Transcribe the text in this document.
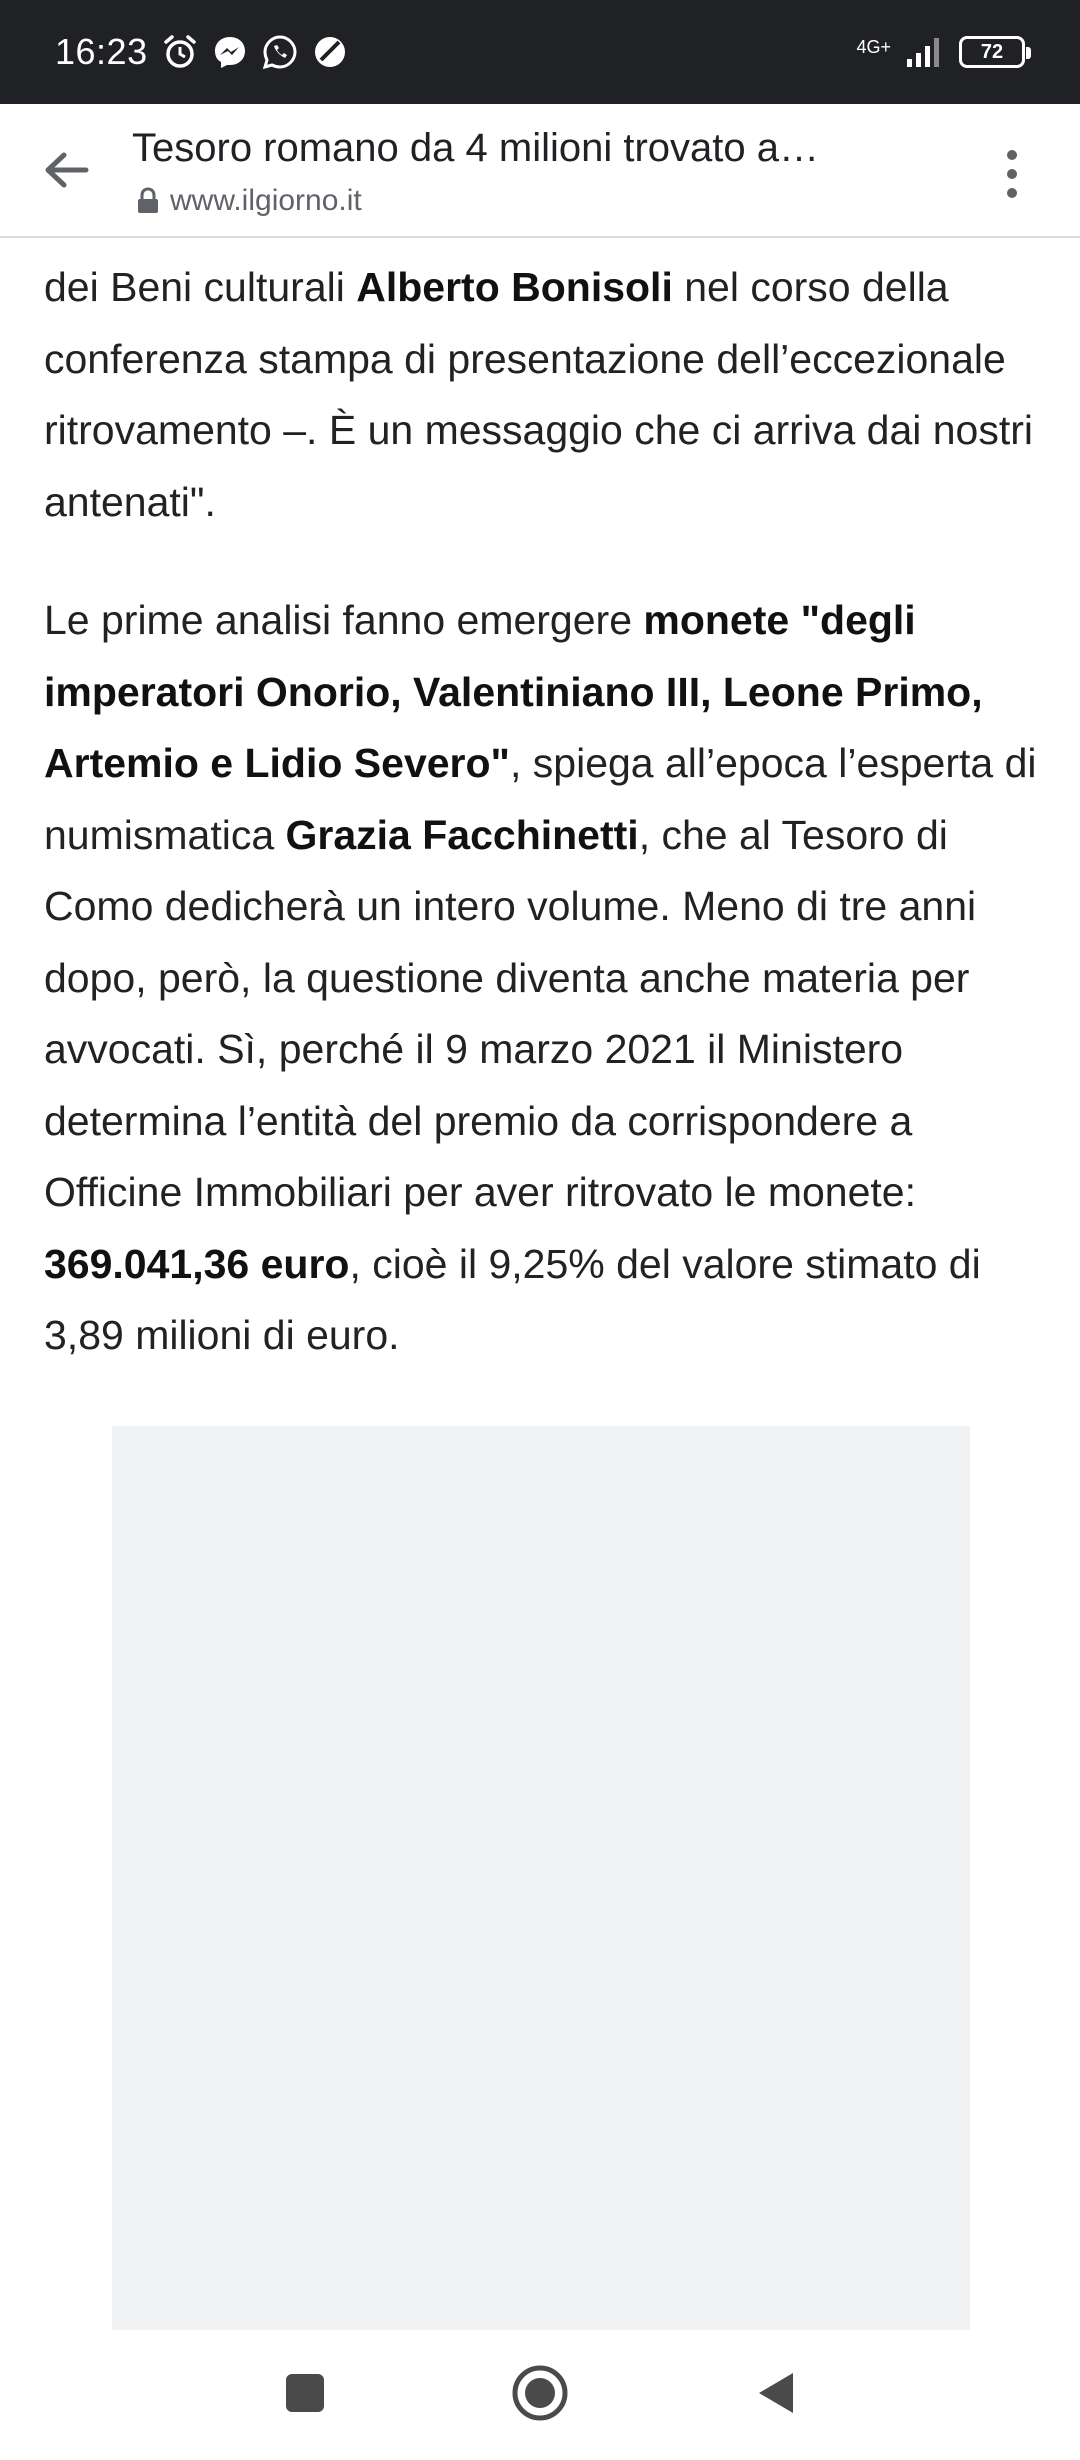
16:23	4G+	72
Tesoro romano da 4 milioni trovato a…
www.ilgiorno.it

dei Beni culturali Alberto Bonisoli nel corso della conferenza stampa di presentazione dell’eccezionale ritrovamento –. È un messaggio che ci arriva dai nostri antenati".

Le prime analisi fanno emergere monete "degli imperatori Onorio, Valentiniano III, Leone Primo, Artemio e Lidio Severo", spiega all’epoca l’esperta di numismatica Grazia Facchinetti, che al Tesoro di Como dedicherà un intero volume. Meno di tre anni dopo, però, la questione diventa anche materia per avvocati. Sì, perché il 9 marzo 2021 il Ministero determina l’entità del premio da corrispondere a Officine Immobiliari per aver ritrovato le monete: 369.041,36 euro, cioè il 9,25% del valore stimato di 3,89 milioni di euro.
